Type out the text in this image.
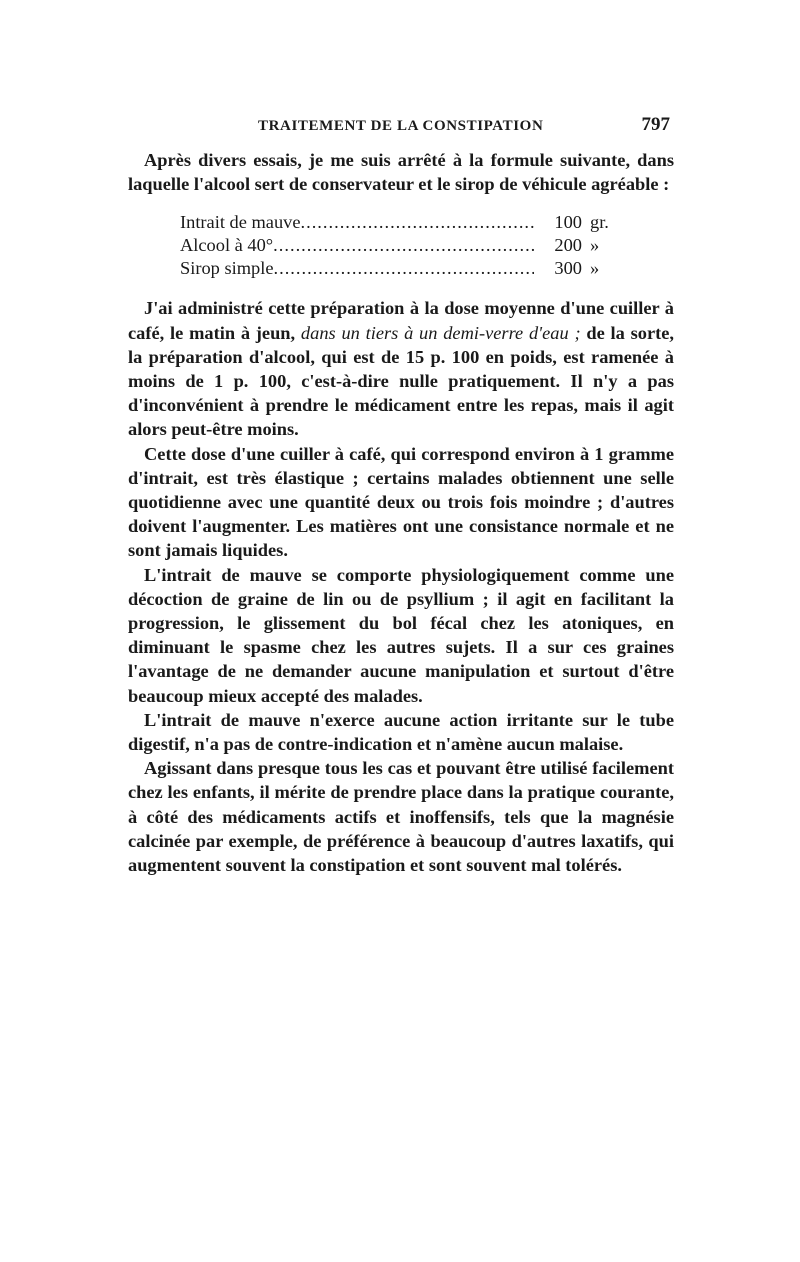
TRAITEMENT DE LA CONSTIPATION	797

Après divers essais, je me suis arrêté à la formule suivante, dans laquelle l'alcool sert de conservateur et le sirop de véhicule agréable :

Intrait de mauve .....	100 gr.
Alcool à 40° .....	200 »
Sirop simple .....	300 »

J'ai administré cette préparation à la dose moyenne d'une cuiller à café, le matin à jeun, dans un tiers à un demi-verre d'eau ; de la sorte, la préparation d'alcool, qui est de 15 p. 100 en poids, est ramenée à moins de 1 p. 100, c'est-à-dire nulle pratiquement. Il n'y a pas d'inconvénient à prendre le médicament entre les repas, mais il agit alors peut-être moins.

Cette dose d'une cuiller à café, qui correspond environ à 1 gramme d'intrait, est très élastique ; certains malades obtiennent une selle quotidienne avec une quantité deux ou trois fois moindre ; d'autres doivent l'augmenter. Les matières ont une consistance normale et ne sont jamais liquides.

L'intrait de mauve se comporte physiologiquement comme une décoction de graine de lin ou de psyllium ; il agit en facilitant la progression, le glissement du bol fécal chez les atoniques, en diminuant le spasme chez les autres sujets. Il a sur ces graines l'avantage de ne demander aucune manipulation et surtout d'être beaucoup mieux accepté des malades.

L'intrait de mauve n'exerce aucune action irritante sur le tube digestif, n'a pas de contre-indication et n'amène aucun malaise.

Agissant dans presque tous les cas et pouvant être utilisé facilement chez les enfants, il mérite de prendre place dans la pratique courante, à côté des médicaments actifs et inoffensifs, tels que la magnésie calcinée par exemple, de préférence à beaucoup d'autres laxatifs, qui augmentent souvent la constipation et sont souvent mal tolérés.
